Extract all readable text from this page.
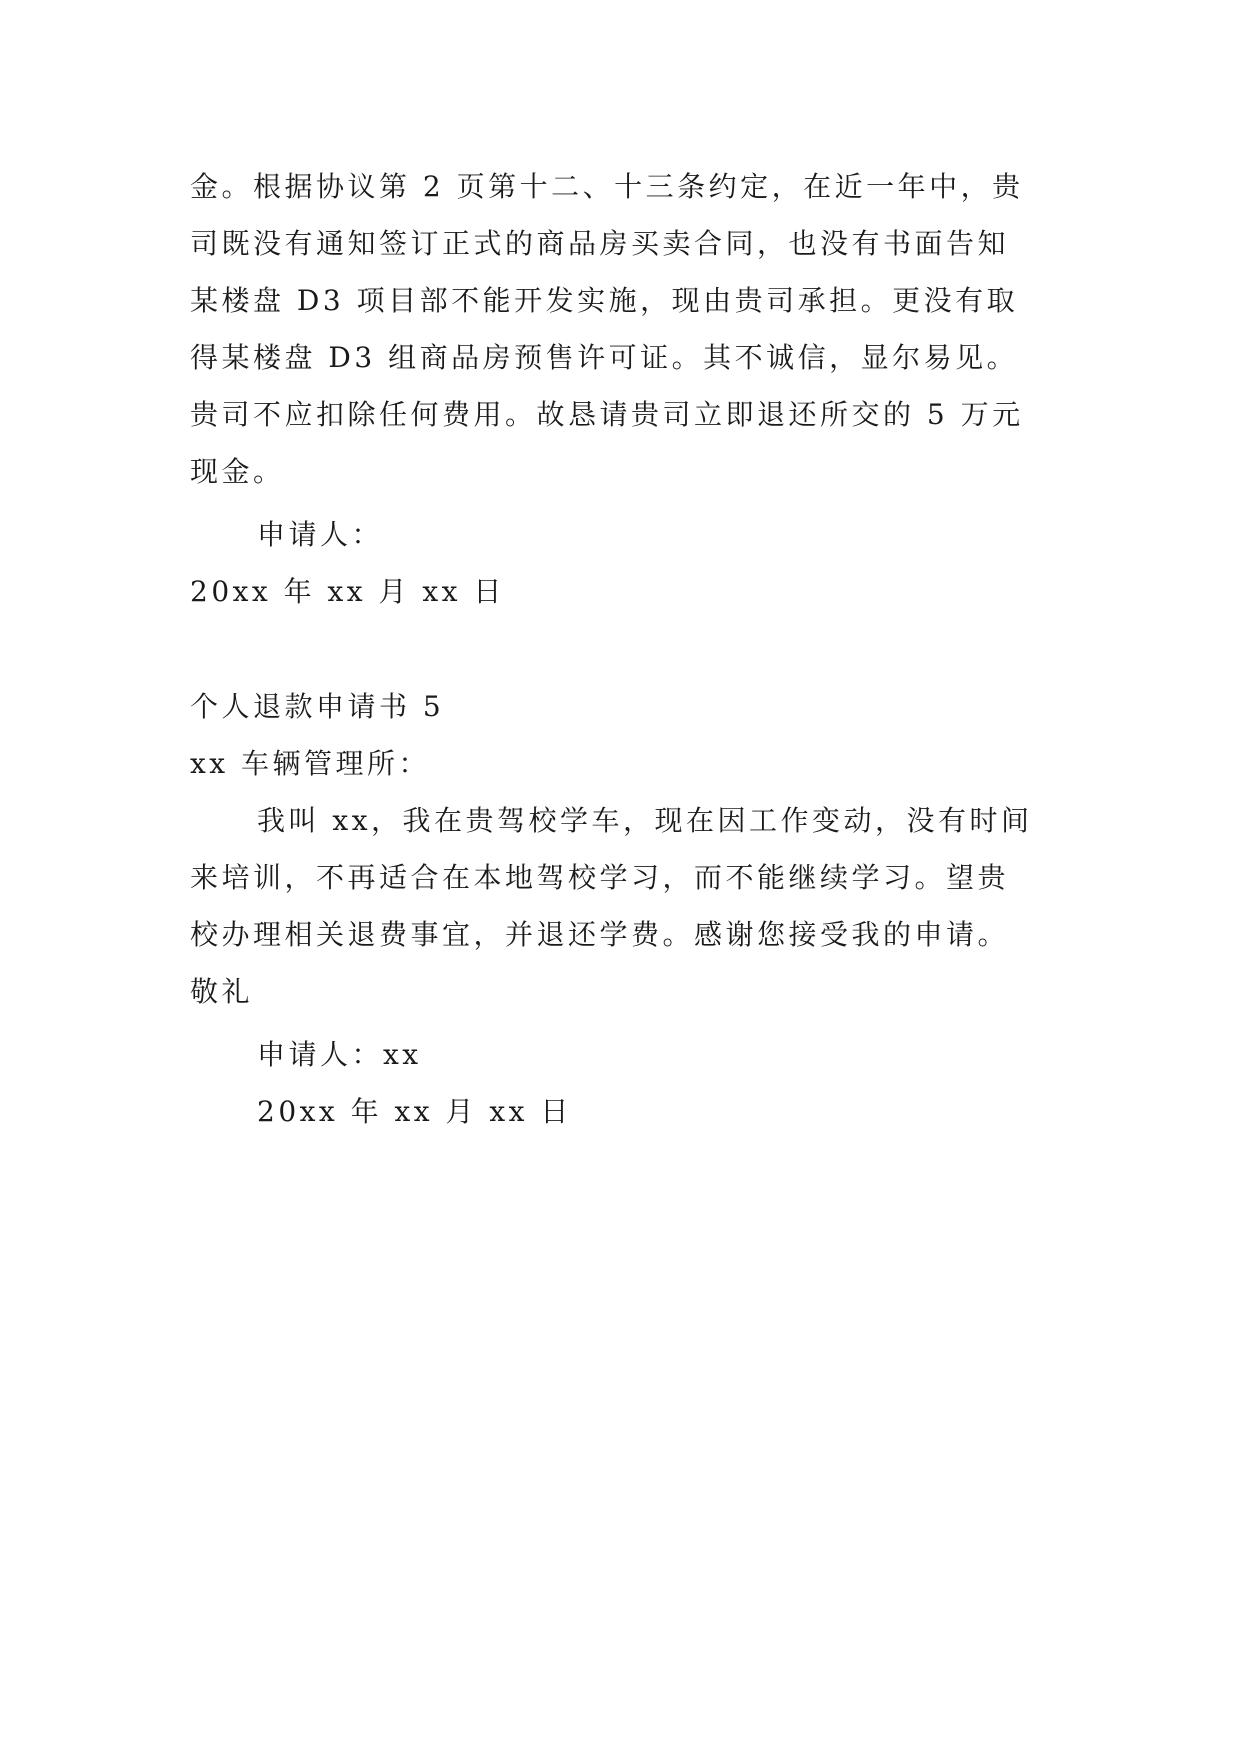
金。根据协议第 2 页第十二、十三条约定，在近一年中，贵
司既没有通知签订正式的商品房买卖合同，也没有书面告知
某楼盘 D3 项目部不能开发实施，现由贵司承担。更没有取
得某楼盘 D3 组商品房预售许可证。其不诚信，显尔易见。
贵司不应扣除任何费用。故恳请贵司立即退还所交的 5 万元
现金。
申请人：
20xx 年 xx 月 xx 日
个人退款申请书 5
xx 车辆管理所：
我叫 xx，我在贵驾校学车，现在因工作变动，没有时间
来培训，不再适合在本地驾校学习，而不能继续学习。望贵
校办理相关退费事宜，并退还学费。感谢您接受我的申请。
敬礼
申请人：xx
20xx 年 xx 月 xx 日
